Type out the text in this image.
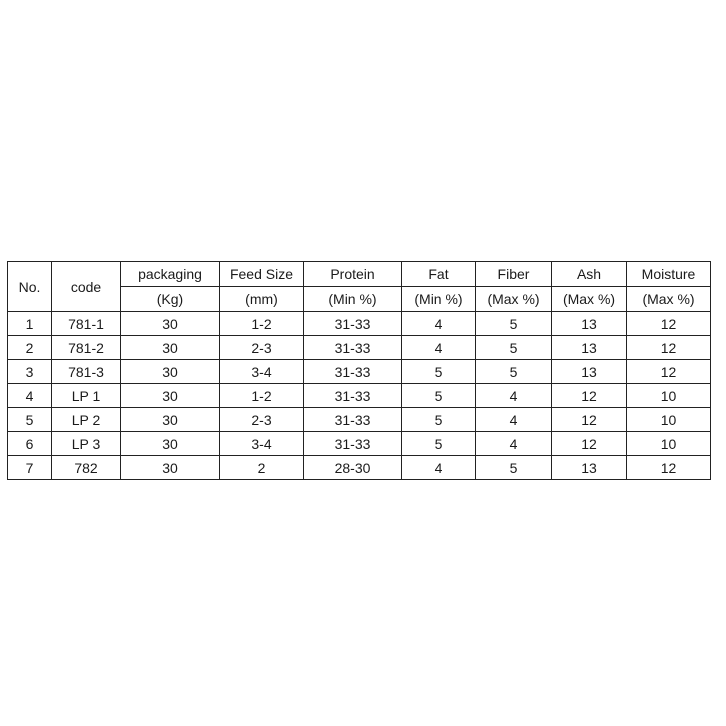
No.	code	packaging	Feed Size	Protein	Fat	Fiber	Ash	Moisture
		(Kg)	(mm)	(Min %)	(Min %)	(Max %)	(Max %)	(Max %)
1	781-1	30	1-2	31-33	4	5	13	12
2	781-2	30	2-3	31-33	4	5	13	12
3	781-3	30	3-4	31-33	5	5	13	12
4	LP 1	30	1-2	31-33	5	4	12	10
5	LP 2	30	2-3	31-33	5	4	12	10
6	LP 3	30	3-4	31-33	5	4	12	10
7	782	30	2	28-30	4	5	13	12
